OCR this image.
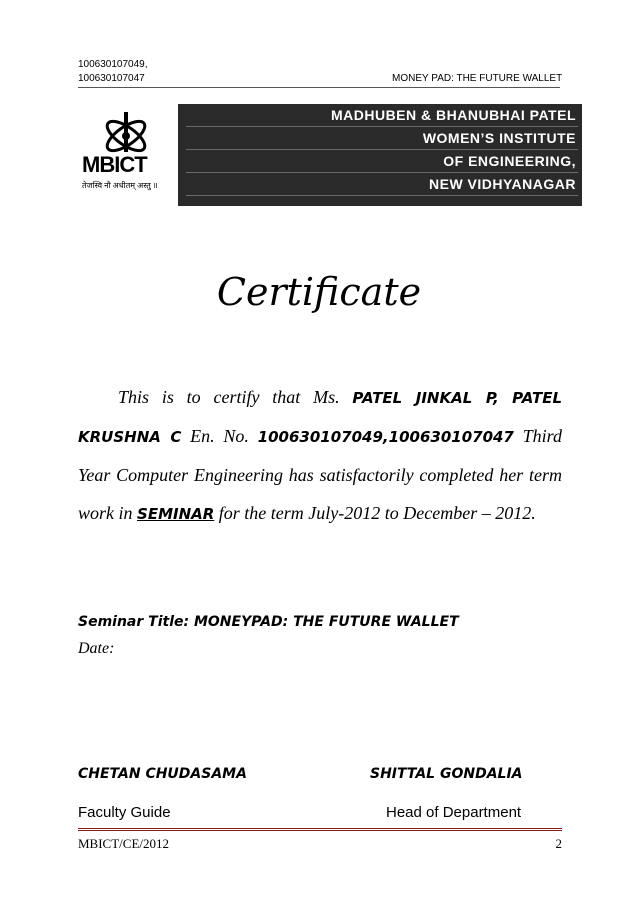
100630107049,
100630107047	MONEY PAD: THE FUTURE WALLET
MBICT
तेजस्वि नौ अधीतम् अस्तु ॥
MADHUBEN & BHANUBHAI PATEL
WOMEN’S INSTITUTE
OF ENGINEERING,
NEW VIDHYANAGAR
Certificate
This is to certify that Ms. PATEL JINKAL P, PATEL KRUSHNA C En. No. 100630107049,100630107047 Third Year Computer Engineering has satisfactorily completed her term work in SEMINAR for the term July-2012 to December – 2012.
Seminar Title: MONEYPAD: THE FUTURE WALLET
Date:
CHETAN CHUDASAMA	SHITTAL GONDALIA
Faculty Guide	Head of Department
MBICT/CE/2012	2
